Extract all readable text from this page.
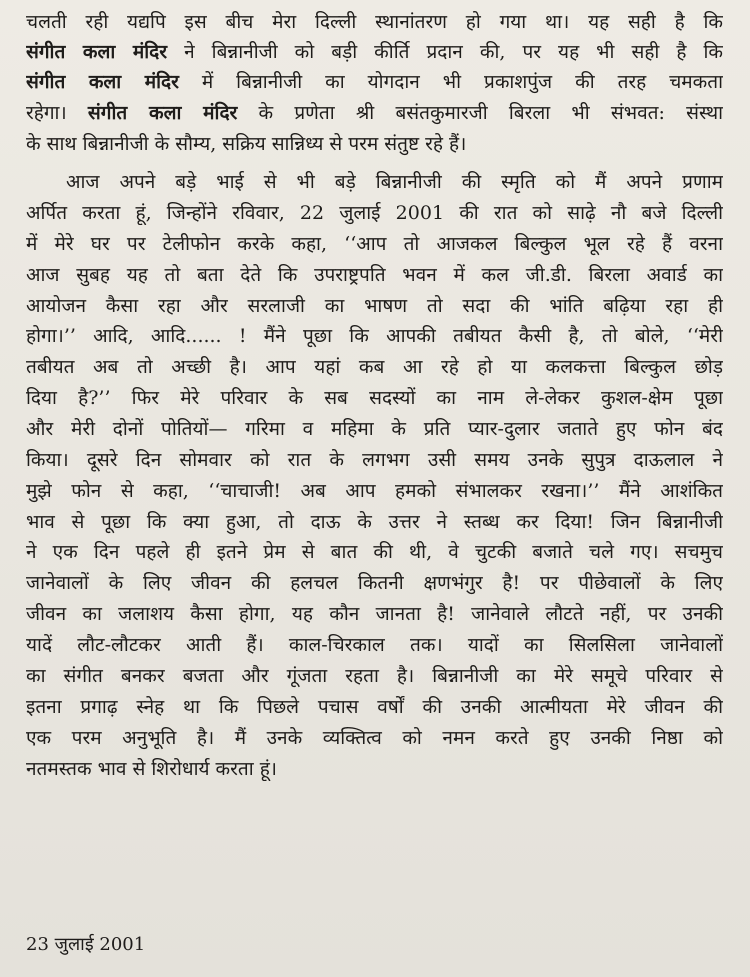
चलती रही यद्यपि इस बीच मेरा दिल्ली स्थानांतरण हो गया था। यह सही है कि
संगीत कला मंदिर ने बिन्नानीजी को बड़ी कीर्ति प्रदान की, पर यह भी सही है कि
संगीत कला मंदिर में बिन्नानीजी का योगदान भी प्रकाशपुंज की तरह चमकता
रहेगा। संगीत कला मंदिर के प्रणेता श्री बसंतकुमारजी बिरला भी संभवत: संस्था
के साथ बिन्नानीजी के सौम्य, सक्रिय सान्निध्य से परम संतुष्ट रहे हैं।
आज अपने बड़े भाई से भी बड़े बिन्नानीजी की स्मृति को मैं अपने प्रणाम
अर्पित करता हूं, जिन्होंने रविवार, 22 जुलाई 2001 की रात को साढ़े नौ बजे दिल्ली
में मेरे घर पर टेलीफोन करके कहा, ‘‘आप तो आजकल बिल्कुल भूल रहे हैं वरना
आज सुबह यह तो बता देते कि उपराष्ट्रपति भवन में कल जी.डी. बिरला अवार्ड का
आयोजन कैसा रहा और सरलाजी का भाषण तो सदा की भांति बढ़िया रहा ही
होगा।’’ आदि, आदि...... ! मैंने पूछा कि आपकी तबीयत कैसी है, तो बोले, ‘‘मेरी
तबीयत अब तो अच्छी है। आप यहां कब आ रहे हो या कलकत्ता बिल्कुल छोड़
दिया है?’’ फिर मेरे परिवार के सब सदस्यों का नाम ले-लेकर कुशल-क्षेम पूछा
और मेरी दोनों पोतियों— गरिमा व महिमा के प्रति प्यार-दुलार जताते हुए फोन बंद
किया। दूसरे दिन सोमवार को रात के लगभग उसी समय उनके सुपुत्र दाऊलाल ने
मुझे फोन से कहा, ‘‘चाचाजी! अब आप हमको संभालकर रखना।’’ मैंने आशंकित
भाव से पूछा कि क्या हुआ, तो दाऊ के उत्तर ने स्तब्ध कर दिया! जिन बिन्नानीजी
ने एक दिन पहले ही इतने प्रेम से बात की थी, वे चुटकी बजाते चले गए। सचमुच
जानेवालों के लिए जीवन की हलचल कितनी क्षणभंगुर है! पर पीछेवालों के लिए
जीवन का जलाशय कैसा होगा, यह कौन जानता है! जानेवाले लौटते नहीं, पर उनकी
यादें लौट-लौटकर आती हैं। काल-चिरकाल तक। यादों का सिलसिला जानेवालों
का संगीत बनकर बजता और गूंजता रहता है। बिन्नानीजी का मेरे समूचे परिवार से
इतना प्रगाढ़ स्नेह था कि पिछले पचास वर्षों की उनकी आत्मीयता मेरे जीवन की
एक परम अनुभूति है। मैं उनके व्यक्तित्व को नमन करते हुए उनकी निष्ठा को
नतमस्तक भाव से शिरोधार्य करता हूं।
23 जुलाई 2001
